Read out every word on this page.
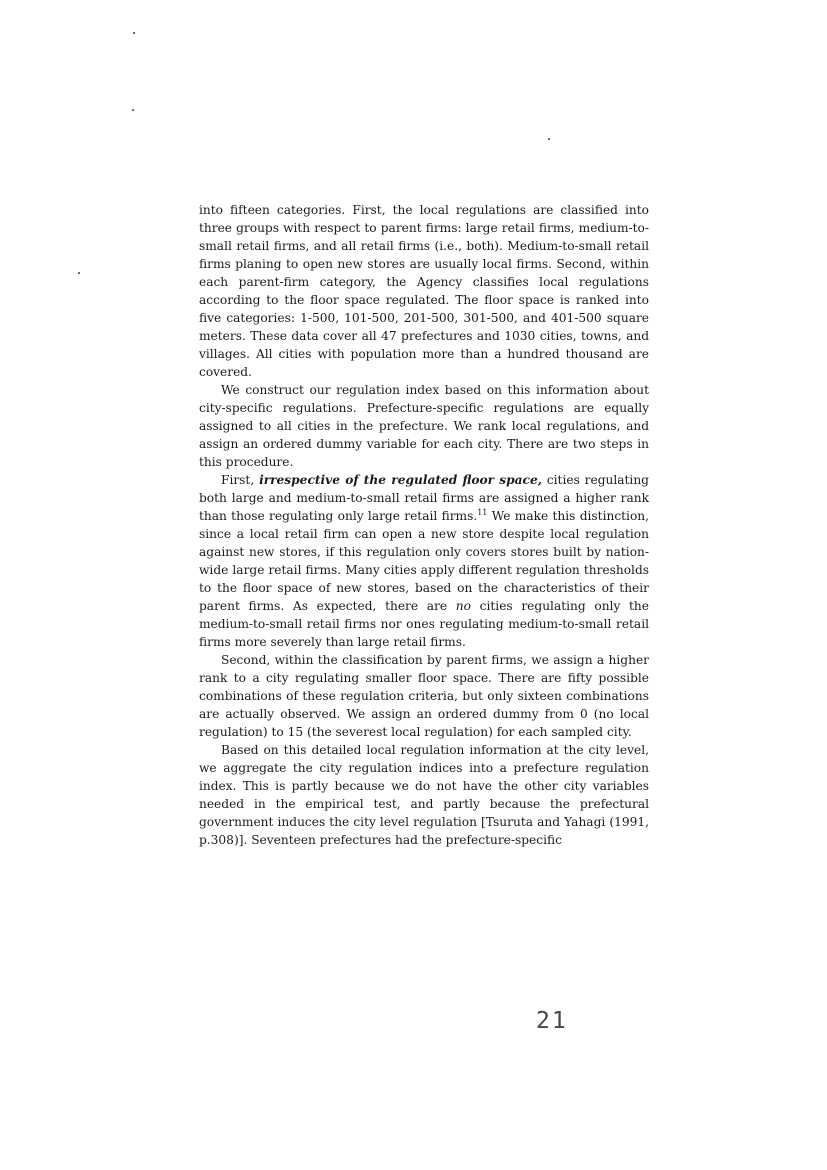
into fifteen categories. First, the local regulations are classified into three groups with respect to parent firms: large retail firms, medium-to-small retail firms, and all retail firms (i.e., both). Medium-to-small retail firms planing to open new stores are usually local firms. Second, within each parent-firm category, the Agency classifies local regulations according to the floor space regulated. The floor space is ranked into five categories: 1-500, 101-500, 201-500, 301-500, and 401-500 square meters. These data cover all 47 prefectures and 1030 cities, towns, and villages. All cities with population more than a hundred thousand are covered.

We construct our regulation index based on this information about city-specific regulations. Prefecture-specific regulations are equally assigned to all cities in the prefecture. We rank local regulations, and assign an ordered dummy variable for each city. There are two steps in this procedure.

First, irrespective of the regulated floor space, cities regulating both large and medium-to-small retail firms are assigned a higher rank than those regulating only large retail firms.$^{11}$ We make this distinction, since a local retail firm can open a new store despite local regulation against new stores, if this regulation only covers stores built by nation-wide large retail firms. Many cities apply different regulation thresholds to the floor space of new stores, based on the characteristics of their parent firms. As expected, there are no cities regulating only the medium-to-small retail firms nor ones regulating medium-to-small retail firms more severely than large retail firms.

Second, within the classification by parent firms, we assign a higher rank to a city regulating smaller floor space. There are fifty possible combinations of these regulation criteria, but only sixteen combinations are actually observed. We assign an ordered dummy from 0 (no local regulation) to 15 (the severest local regulation) for each sampled city.

Based on this detailed local regulation information at the city level, we aggregate the city regulation indices into a prefecture regulation index. This is partly because we do not have the other city variables needed in the empirical test, and partly because the prefectural government induces the city level regulation [Tsuruta and Yahagi (1991, p.308)]. Seventeen prefectures had the prefecture-specific

21
